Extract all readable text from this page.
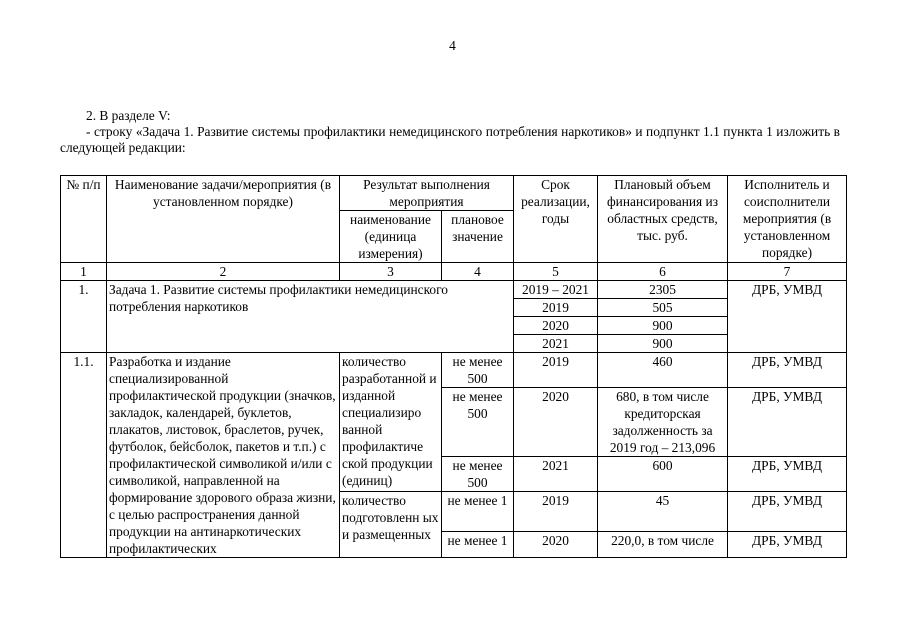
4

2. В разделе V:

- строку «Задача 1. Развитие системы профилактики немедицинского потребления наркотиков» и подпункт 1.1 пункта 1 изложить в следующей редакции:

№ п/п	Наименование задачи/мероприятия (в установленном порядке)	Результат выполнения мероприятия		Срок реализации, годы	Плановый объем финансирования из областных средств, тыс. руб.	Исполнитель и соисполнители мероприятия (в установленном порядке)
		наименование (единица измерения)	плановое значение			
1	2	3	4	5	6	7
1.	Задача 1. Развитие системы профилактики немедицинского потребления наркотиков			2019 – 2021	2305	ДРБ, УМВД
				2019	505	
				2020	900	
				2021	900	
1.1.	Разработка и издание специализированной профилактической продукции (значков, закладок, календарей, буклетов, плакатов, листовок, браслетов, ручек, футболок, бейсболок, пакетов и т.п.) с профилактической символикой и/или с символикой, направленной на формирование здорового образа жизни, с целью распространения данной продукции на антинаркотических профилактических	количество разработанной и изданной специализиро ванной профилактиче ской продукции (единиц)	не менее 500	2019	460	ДРБ, УМВД
			не менее 500	2020	680, в том числе кредиторская задолженность за 2019 год – 213,096	ДРБ, УМВД
			не менее 500	2021	600	ДРБ, УМВД
		количество подготовленн ых и размещенных	не менее 1	2019	45	ДРБ, УМВД
			не менее 1	2020	220,0, в том числе	ДРБ, УМВД
